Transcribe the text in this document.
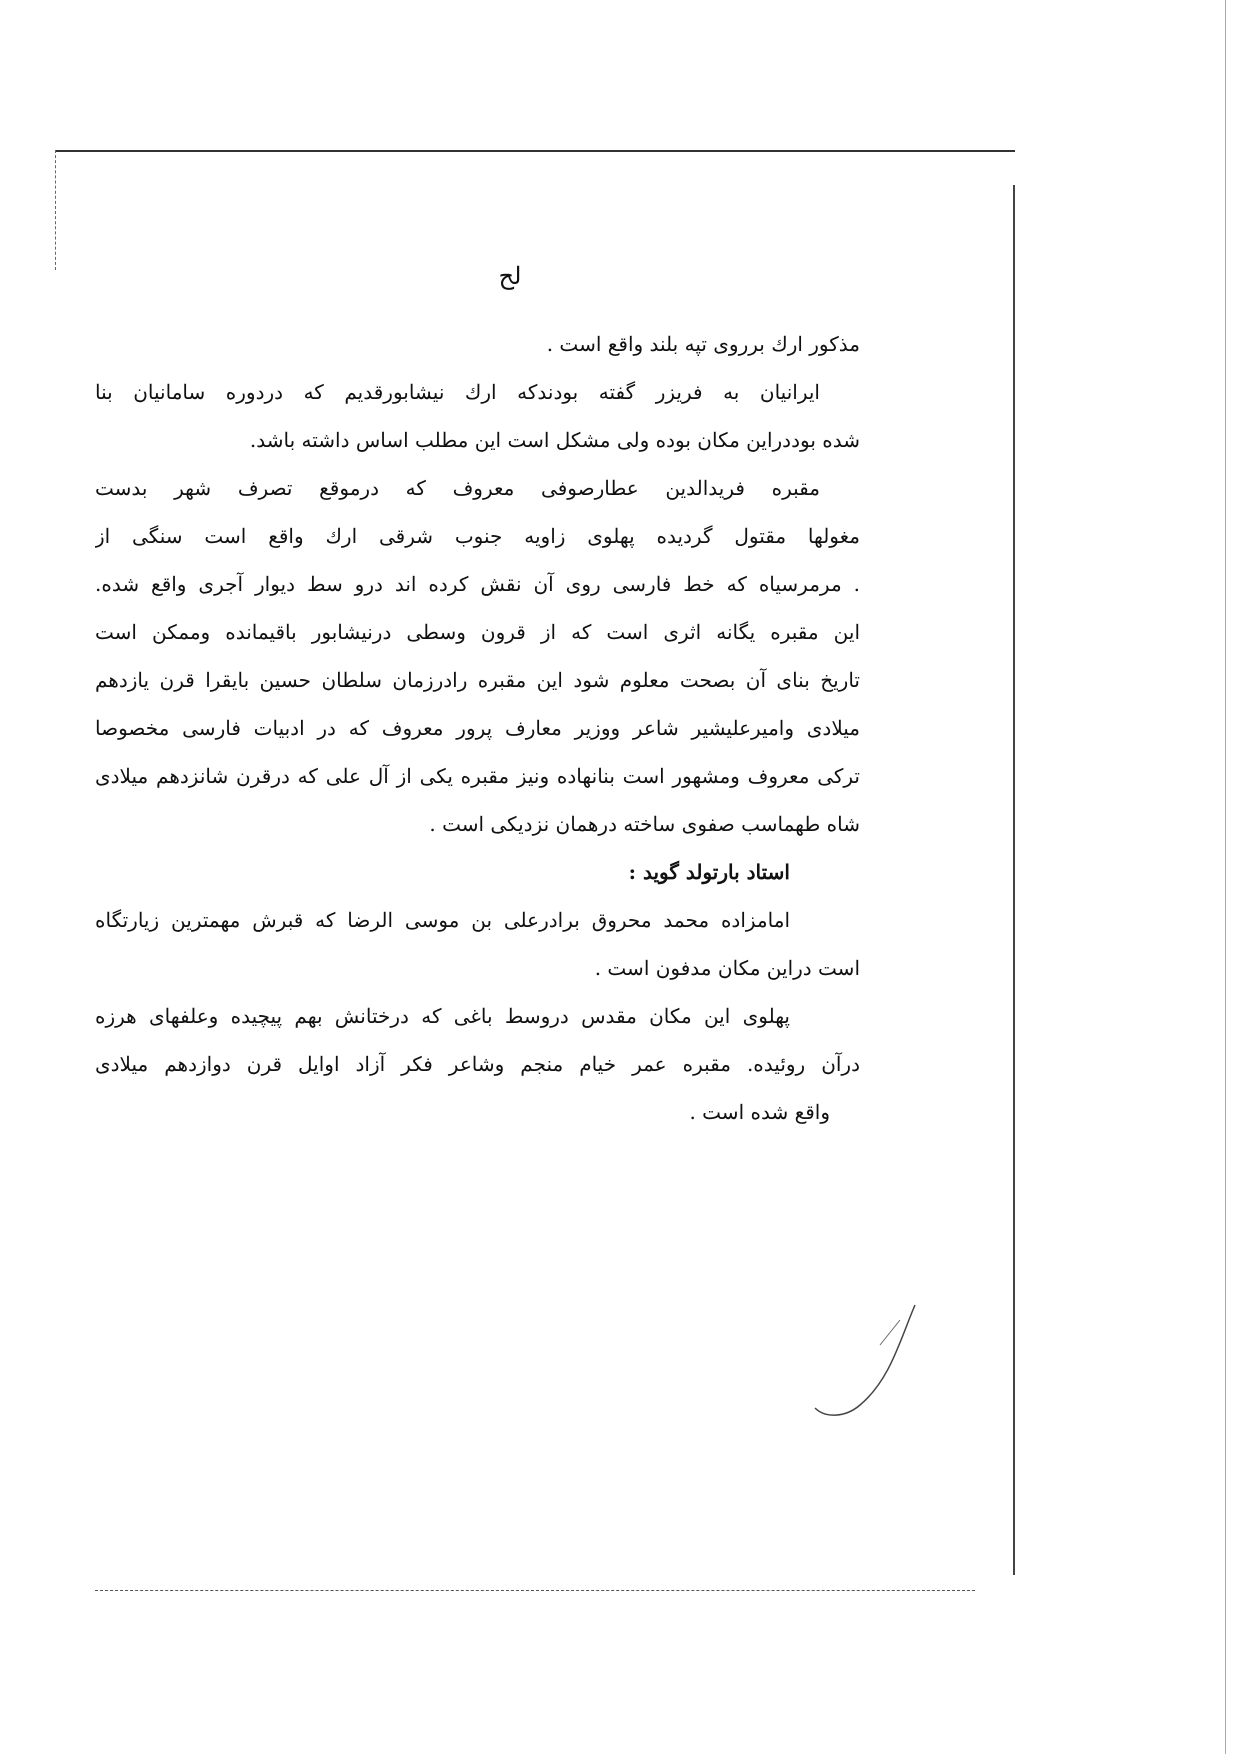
لح
مذکور ارك برروی تپه بلند واقع است .
ایرانیان به فریزر گفته بودندکه ارك نیشابورقدیم که دردوره سامانیان بنا
شده بوددراین مکان بوده ولی مشکل است این مطلب اساس داشته باشد.
مقبره فریدالدین عطارصوفی معروف که درموقع تصرف شهر بدست
مغولها مقتول گردیده پهلوی زاویه جنوب شرقی ارك واقع است سنگی از
. مرمرسیاه که خط فارسی روی آن نقش کرده اند درو سط دیوار آجری واقع شده.
این مقبره یگانه اثری است که از قرون وسطی درنیشابور باقیمانده وممکن است
تاریخ بنای آن بصحت معلوم شود این مقبره رادرزمان سلطان حسین بایقرا قرن یازدهم
میلادی وامیرعلیشیر شاعر ووزیر معارف پرور معروف که در ادبیات فارسی مخصوصا
ترکی معروف ومشهور است بنانهاده ونیز مقبره یکی از آل علی که درقرن شانزدهم میلادی
شاه طهماسب صفوی ساخته درهمان نزدیکی است .
استاد بارتولد گوید :
امامزاده محمد محروق برادرعلی بن موسی الرضا که قبرش مهمترین زیارتگاه
است دراین مکان مدفون است .
پهلوی این مکان مقدس دروسط باغی که درختانش بهم پیچیده وعلفهای هرزه
درآن روئیده. مقبره عمر خیام منجم وشاعر فکر آزاد اوایل قرن دوازدهم میلادی
واقع شده است .
